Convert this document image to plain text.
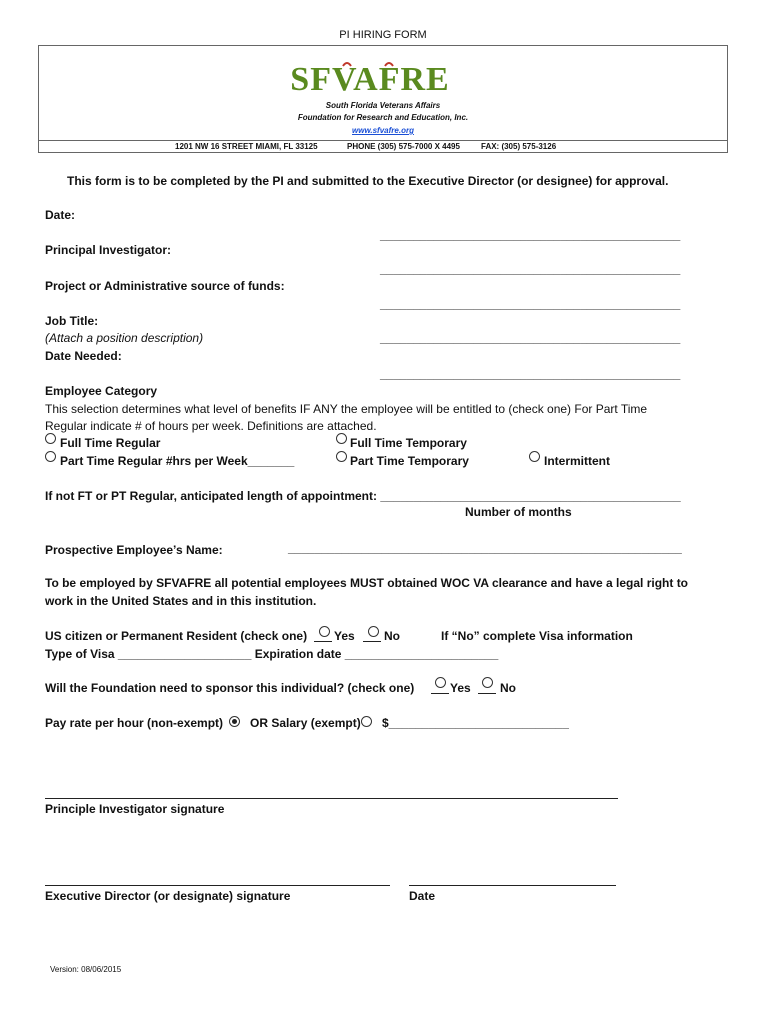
PI HIRING FORM
SFVAFRE
South Florida Veterans Affairs
Foundation for Research and Education, Inc.
www.sfvafre.org
1201 NW 16 STREET MIAMI, FL 33125	PHONE (305) 575-7000 X 4495	FAX: (305) 575-3126
This form is to be completed by the PI and submitted to the Executive Director (or designee) for approval.
Date:
_____________________________________________
Principal Investigator:
_____________________________________________
Project or Administrative source of funds:
_____________________________________________
Job Title:
(Attach a position description)	_____________________________________________
Date Needed:
_____________________________________________
Employee Category
This selection determines what level of benefits IF ANY the employee will be entitled to (check one) For Part Time
Regular indicate # of hours per week. Definitions are attached.
Full Time Regular	Full Time Temporary
Part Time Regular #hrs per Week_______	Part Time Temporary	Intermittent
If not FT or PT Regular, anticipated length of appointment: _____________________________________________
Number of months
Prospective Employee’s Name:	___________________________________________________________
To be employed by SFVAFRE all potential employees MUST obtained WOC VA clearance and have a legal right to
work in the United States and in this institution.
US citizen or Permanent Resident (check one) Yes No	If “No” complete Visa information
Type of Visa ____________________ Expiration date _______________________
Will the Foundation need to sponsor this individual? (check one)	Yes No
Pay rate per hour (non-exempt) OR Salary (exempt) $___________________________
Principle Investigator signature
Executive Director (or designate) signature	Date
Version: 08/06/2015
